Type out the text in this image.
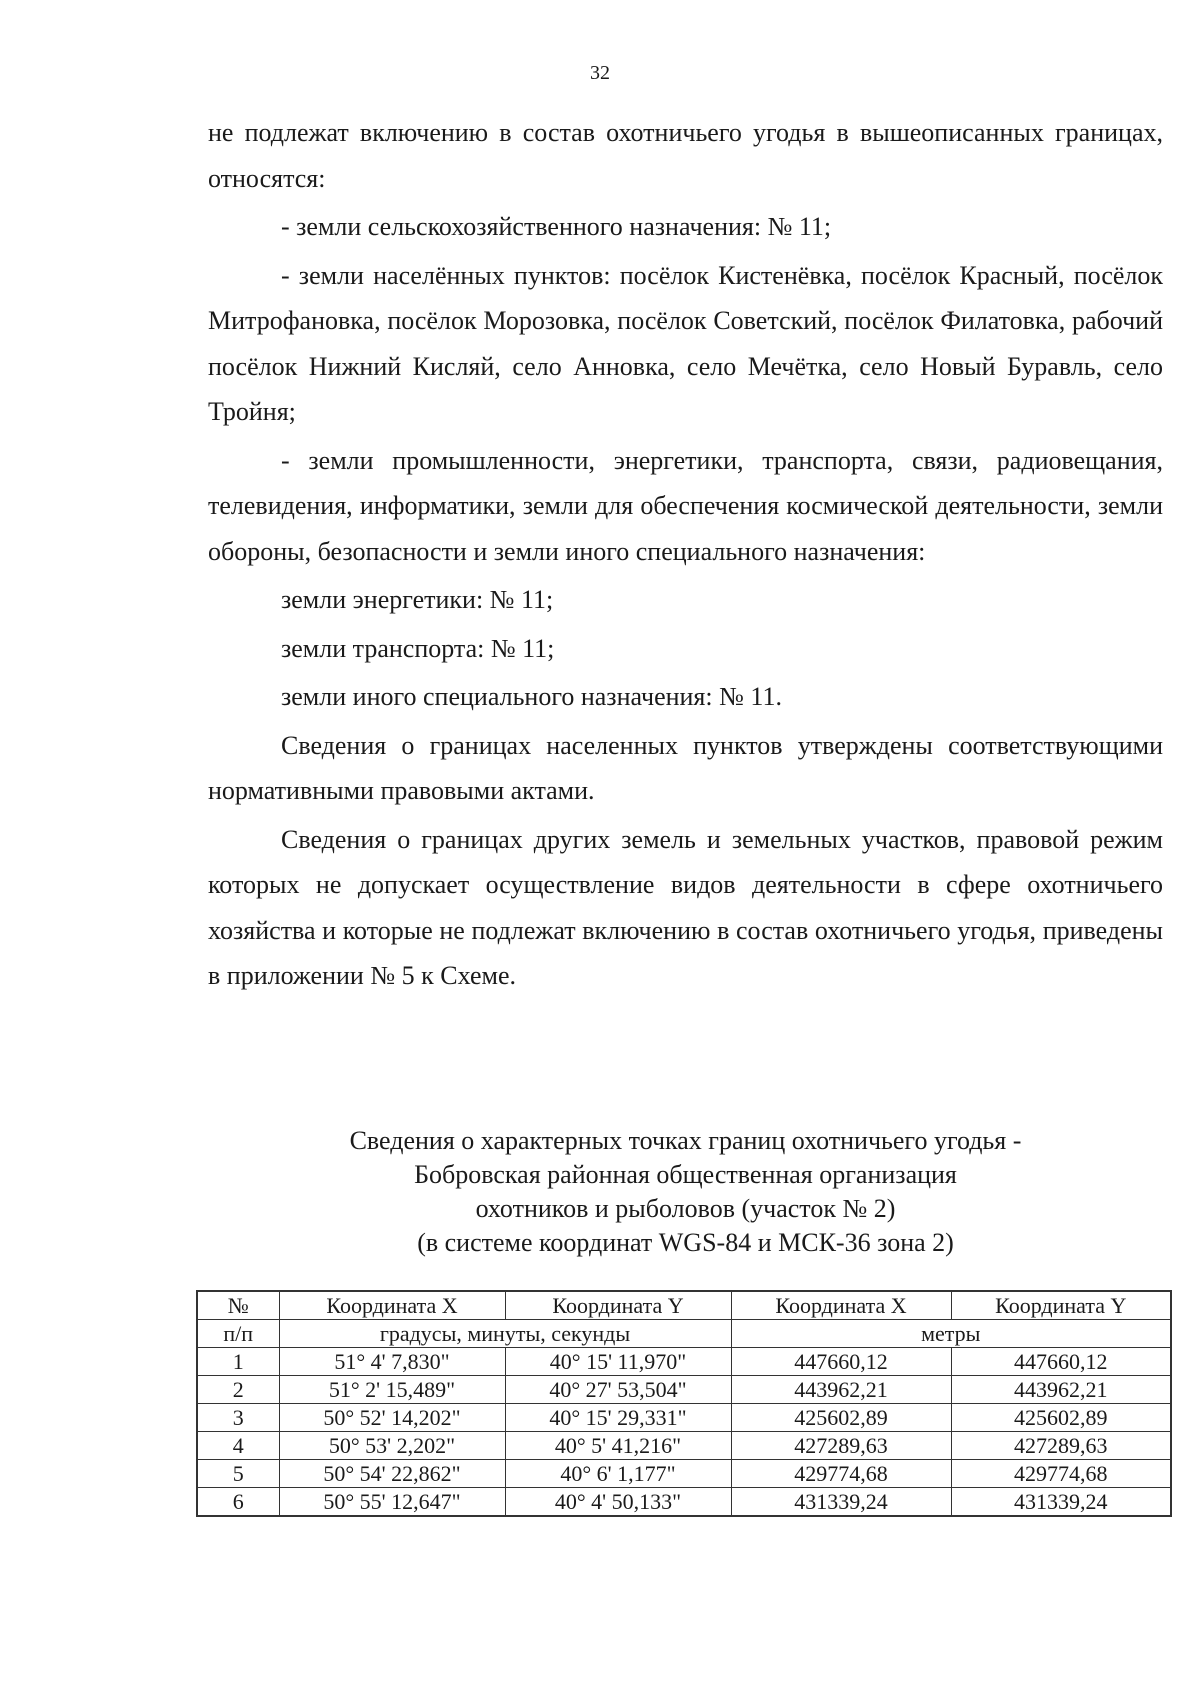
32

не подлежат включению в состав охотничьего угодья в вышеописанных границах, относятся:

- земли сельскохозяйственного назначения: № 11;

- земли населённых пунктов: посёлок Кистенёвка, посёлок Красный, посёлок Митрофановка, посёлок Морозовка, посёлок Советский, посёлок Филатовка, рабочий посёлок Нижний Кисляй, село Анновка, село Мечётка, село Новый Буравль, село Тройня;

- земли промышленности, энергетики, транспорта, связи, радиовещания, телевидения, информатики, земли для обеспечения космической деятельности, земли обороны, безопасности и земли иного специального назначения:

земли энергетики: № 11;

земли транспорта: № 11;

земли иного специального назначения: № 11.

Сведения о границах населенных пунктов утверждены соответствующими нормативными правовыми актами.

Сведения о границах других земель и земельных участков, правовой режим которых не допускает осуществление видов деятельности в сфере охотничьего хозяйства и которые не подлежат включению в состав охотничьего угодья, приведены в приложении № 5 к Схеме.

Сведения о характерных точках границ охотничьего угодья -
Бобровская районная общественная организация
охотников и рыболовов (участок № 2)
(в системе координат WGS-84 и МСК-36 зона 2)
№	Координата X	Координата Y	Координата X	Координата Y
п/п	градусы, минуты, секунды		метры	
1	51° 4' 7,830"	40° 15' 11,970"	447660,12	447660,12
2	51° 2' 15,489"	40° 27' 53,504"	443962,21	443962,21
3	50° 52' 14,202"	40° 15' 29,331"	425602,89	425602,89
4	50° 53' 2,202"	40° 5' 41,216"	427289,63	427289,63
5	50° 54' 22,862"	40° 6' 1,177"	429774,68	429774,68
6	50° 55' 12,647"	40° 4' 50,133"	431339,24	431339,24
